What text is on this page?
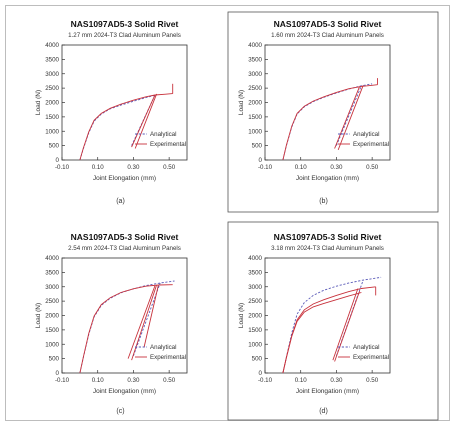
NAS1097AD5-3 Solid Rivet
1.27 mm 2024-T3 Clad Aluminum Panels
0
500
1000
1500
2000
2500
3000
3500
4000
-0.10	0.10	0.30	0.50
Joint Elongation (mm)
Load (N)
Analytical
Experimental
(a)
NAS1097AD5-3 Solid Rivet
1.60 mm 2024-T3 Clad Aluminum Panels
0
500
1000
1500
2000
2500
3000
3500
4000
-0.10	0.10	0.30	0.50
Joint Elongation (mm)
Load (N)
Analytical
Experimental
(b)
NAS1097AD5-3 Solid Rivet
2.54 mm 2024-T3 Clad Aluminum Panels
0
500
1000
1500
2000
2500
3000
3500
4000
-0.10	0.10	0.30	0.50
Joint Elongation (mm)
Load (N)
Analytical
Experimental
(c)
NAS1097AD5-3 Solid Rivet
3.18 mm 2024-T3 Clad Aluminum Panels
0
500
1000
1500
2000
2500
3000
3500
4000
-0.10	0.10	0.30	0.50
Joint Elongation (mm)
Load (N)
Analytical
Experimental
(d)
